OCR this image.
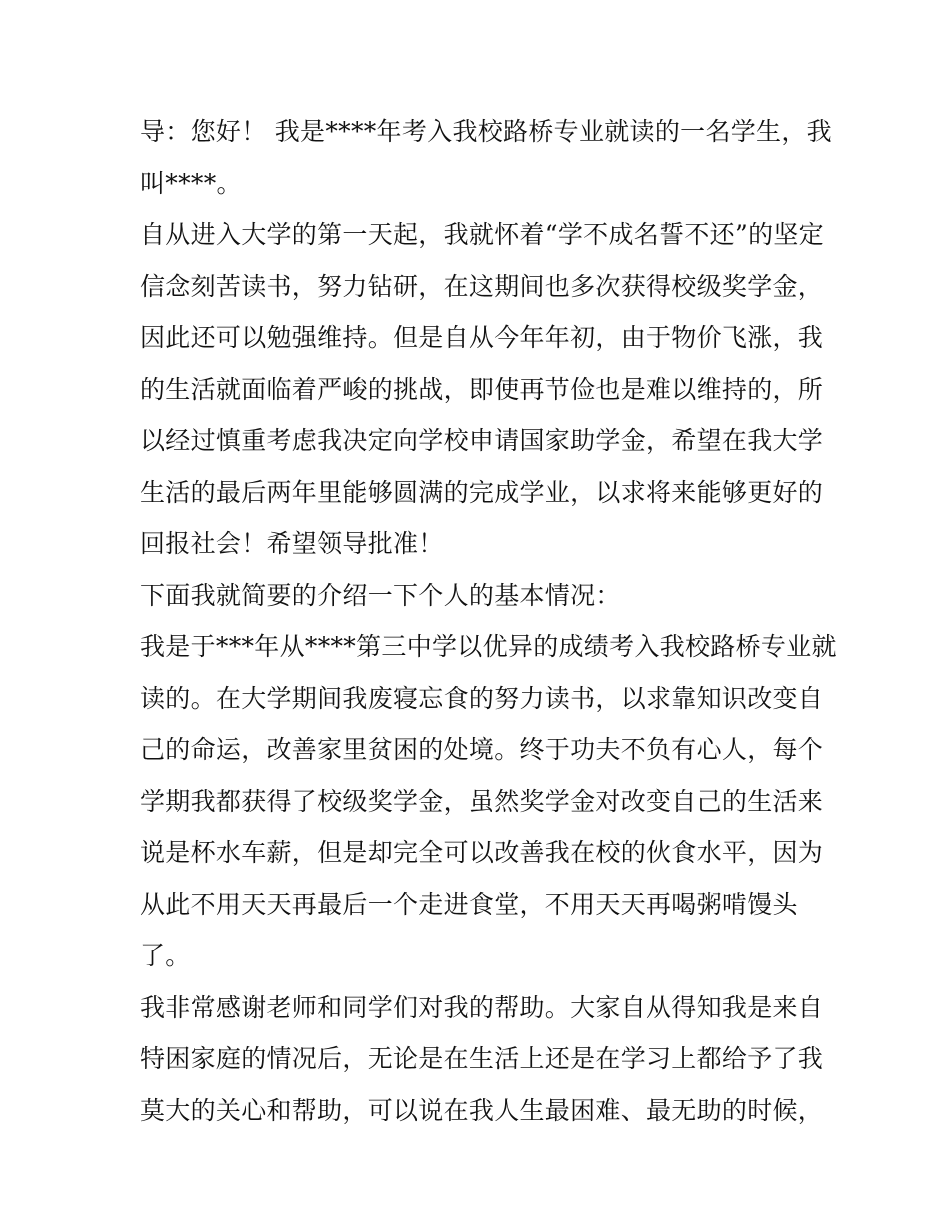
导：您好！ 我是****年考入我校路桥专业就读的一名学生，我
叫****。

自从进入大学的第一天起，我就怀着“学不成名誓不还”的坚定
信念刻苦读书，努力钻研，在这期间也多次获得校级奖学金，
因此还可以勉强维持。但是自从今年年初，由于物价飞涨，我
的生活就面临着严峻的挑战，即使再节俭也是难以维持的，所
以经过慎重考虑我决定向学校申请国家助学金，希望在我大学
生活的最后两年里能够圆满的完成学业，以求将来能够更好的
回报社会！希望领导批准！

下面我就简要的介绍一下个人的基本情况：

我是于***年从****第三中学以优异的成绩考入我校路桥专业就
读的。在大学期间我废寝忘食的努力读书，以求靠知识改变自
己的命运，改善家里贫困的处境。终于功夫不负有心人，每个
学期我都获得了校级奖学金，虽然奖学金对改变自己的生活来
说是杯水车薪，但是却完全可以改善我在校的伙食水平，因为
从此不用天天再最后一个走进食堂，不用天天再喝粥啃馒头
了。

我非常感谢老师和同学们对我的帮助。大家自从得知我是来自
特困家庭的情况后，无论是在生活上还是在学习上都给予了我
莫大的关心和帮助，可以说在我人生最困难、最无助的时候，
